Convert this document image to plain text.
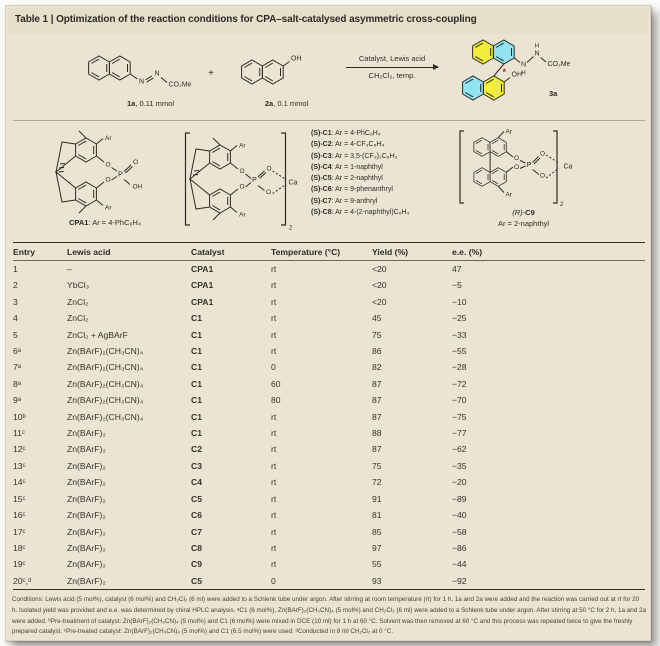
Table 1 | Optimization of the reaction conditions for CPA–salt-catalysed asymmetric cross-coupling
N
N
CO₂Me
1a, 0.11 mmol
+
OH
2a, 0.1 mmol
Catalyst, Lewis acid
CH₂Cl₂, temp.	*
N
H
N
H
CO₂Me
OH
3a
Ar
Ar
O
O
P
O
OH
CPA1: Ar = 4-PhC₆H₄
Ar
Ar
O
O
P
O
O
Ca
2
(S)-C1: Ar = 4-PhC₆H₄
(S)-C2: Ar = 4-CF₃C₆H₄
(S)-C3: Ar = 3,5-(CF₃)₂C₆H₃
(S)-C4: Ar = 1-naphthyl
(S)-C5: Ar = 2-naphthyl
(S)-C6: Ar = 9-phenanthryl
(S)-C7: Ar = 9-anthryl
(S)-C8: Ar = 4-(2-naphthyl)C₆H₄
Ar
Ar
O
O P
O
O
Ca
2
(R)-C9
Ar = 2-naphthyl
Entry	Lewis acid	Catalyst	Temperature (°C)	Yield (%)	e.e. (%)
1	–	CPA1	rt	<20	47
2	YbCl₃	CPA1	rt	<20	−5
3	ZnCl₂	CPA1	rt	<20	−10
4	ZnCl₂	C1	rt	45	−25
5	ZnCl₂ + AgBArF	C1	rt	75	−33
6ᵃ	Zn(BArF)₂(CH₃CN)₄	C1	rt	86	−55
7ᵃ	Zn(BArF)₂(CH₃CN)₄	C1	0	82	−28
8ᵃ	Zn(BArF)₂(CH₃CN)₄	C1	60	87	−72
9ᵃ	Zn(BArF)₂(CH₃CN)₄	C1	80	87	−70
10ᵇ	Zn(BArF)₂(CH₃CN)₄	C1	rt	87	−75
11ᶜ	Zn(BArF)₂	C1	rt	88	−77
12ᶜ	Zn(BArF)₂	C2	rt	87	−62
13ᶜ	Zn(BArF)₂	C3	rt	75	−35
14ᶜ	Zn(BArF)₂	C4	rt	72	−20
15ᶜ	Zn(BArF)₂	C5	rt	91	−89
16ᶜ	Zn(BArF)₂	C6	rt	81	−40
17ᶜ	Zn(BArF)₂	C7	rt	85	−58
18ᶜ	Zn(BArF)₂	C8	rt	97	−86
19ᶜ	Zn(BArF)₂	C9	rt	55	−44
20ᶜ,ᵈ	Zn(BArF)₂	C5	0	93	−92
Conditions: Lewis acid (5 mol%), catalyst (6 mol%) and CH₂Cl₂ (6 ml) were added to a Schlenk tube under argon. After stirring at room temperature (rt) for 1 h, 1a and 2a were added and the reaction was carried out at rt for 20 h. Isolated yield was provided and e.e. was determined by chiral HPLC analysis. ᵃC1 (6 mol%), Zn(BArF)₂(CH₃CN)₄ (5 mol%) and CH₂Cl₂ (6 ml) were added to a Schlenk tube under argon. After stirring at 50 °C for 2 h, 1a and 2a were added. ᵇPre-treatment of catalyst: Zn(BArF)₂(CH₃CN)₄ (5 mol%) and C1 (6 mol%) were mixed in DCE (10 ml) for 1 h at 60 °C. Solvent was then removed at 60 °C and this process was repeated twice to give the freshly prepared catalyst. ᶜPre-treated catalyst: Zn(BArF)₂(CH₃CN)₄ (5 mol%) and C1 (6.5 mol%) were used. ᵈConducted in 8 ml CH₂Cl₂ at 0 °C.
